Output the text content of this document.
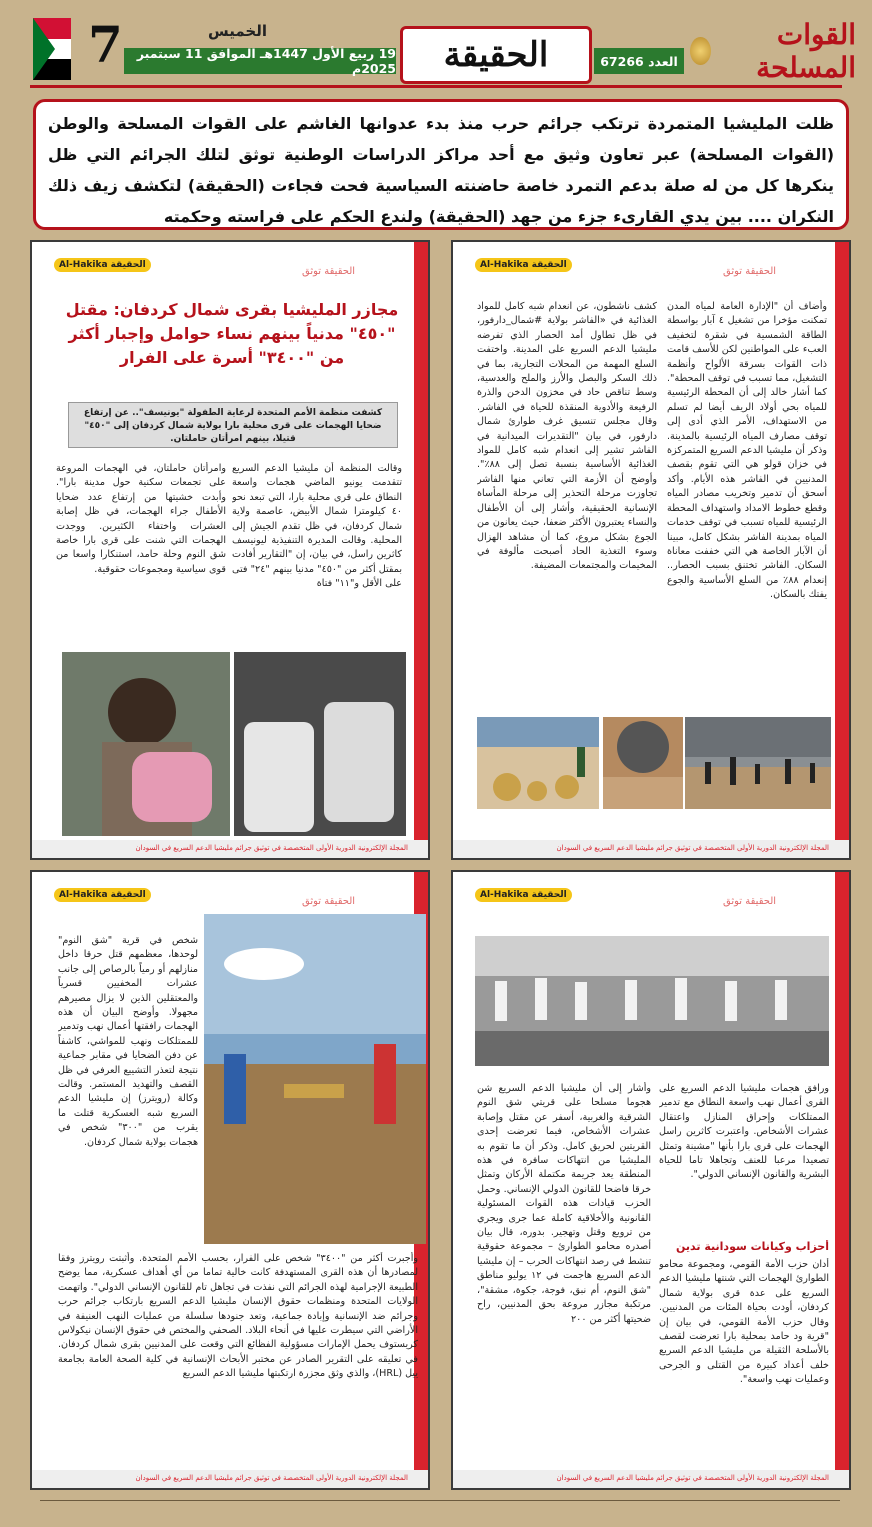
7	الخميس
19 ربيع الأول 1447هـ الموافق 11 سبتمبر 2025م	الحقيقة	العدد 67266
القوات المسلحة
ظلت المليشيا المتمردة ترتكب جرائم حرب منذ بدء عدوانها الغاشم على القوات المسلحة والوطن (القوات المسلحة) عبر تعاون وثيق مع أحد مراكز الدراسات الوطنية توثق لتلك الجرائم التي ظل ينكرها كل من له صلة بدعم التمرد خاصة حاضنته السياسية فحت فجاءت (الحقيقة) لتكشف زيف ذلك النكران .... بين يدي القارىء جزء من جهد (الحقيقة) ولندع الحكم على فراسته وحكمته
Al-Hakika الحقيقة
الحقيقة توثق
وأضاف أن "الإدارة العامة لمياه المدن تمكنت مؤخرا من تشغيل ٤ آبار بواسطة الطاقة الشمسية في شقرة لتخفيف العبء على المواطنين لكن للأسف قامت ذات القوات بسرقة الألواح وأنظمة التشغيل، مما تسبب في توقف المحطة". كما أشار خالد إلى أن المحطة الرئيسية للمياه بحي أولاد الريف أيضا لم تسلم من الاستهداف، الأمر الذي أدى إلى توقف مصارف المياه الرئيسية بالمدينة. وذكر أن مليشيا الدعم السريع المتمركزة في خزان قولو هي التي تقوم بقصف المدنيين في الفاشر هذه الأيام. وأكد أسحق أن تدمير وتخريب مصادر المياه وقطع خطوط الامداد واستهداف المحطة الرئيسية للمياه تسبب في توقف خدمات المياه بمدينة الفاشر بشكل كامل، مبينا أن الآبار الخاصة هي التي خففت معاناة السكان. الفاشر تختنق بسبب الحصار.. إنعدام ٨٨٪ من السلع الأساسية والجوع يفتك بالسكان.
كشف ناشطون، عن انعدام شبه كامل للمواد الغذائية في «الفاشر بولاية #شمال_دارفور، في ظل تطاول أمد الحصار الذي تفرضه مليشيا الدعم السريع على المدينة. واختفت السلع المهمة من المحلات التجارية، بما في ذلك السكر والبصل والأرز والملح والعدسية، وسط تناقص حاد في مخزون الدخن والذرة الرفيعة والأدوية المنقذة للحياة في الفاشر. وقال مجلس تنسيق غرف طوارئ شمال دارفور، في بيان "التقديرات الميدانية في الفاشر تشير إلى انعدام شبه كامل للمواد الغذائية الأساسية بنسبة تصل إلى ٨٨٪". وأوضح أن الأزمة التي تعاني منها الفاشر تجاوزت مرحلة التحذير إلى مرحلة المأساة الإنسانية الحقيقية، وأشار إلى أن الأطفال والنساء يعتبرون الأكثر ضعفا، حيث يعانون من الجوع بشكل مروع، كما أن مشاهد الهزال وسوء التغذية الحاد أصبحت مألوفة في المخيمات والمجتمعات المضيفة.
المجلة الإلكترونية الدورية الأولى المتخصصة في توثيق جرائم مليشيا الدعم السريع في السودان
Al-Hakika الحقيقة
الحقيقة توثق
مجازر المليشيا بقرى شمال كردفان: مقتل "٤٥٠" مدنياً بينهم نساء حوامل وإجبار أكثر من "٣٤٠٠" أسرة على الفرار
كشفت منظمة الأمم المتحدة لرعاية الطفولة "يونيسف".. عن إرتفاع ضحايا الهجمات على قرى محلية بارا بولاية شمال كردفان إلى "٤٥٠" قتيلا، بينهم امرأتان حاملتان.
وقالت المنظمة أن مليشيا الدعم السريع تتقدمت يونيو الماضي هجمات واسعة النطاق على قرى محلية بارا، التي تبعد نحو ٤٠ كيلومترا شمال الأبيض، عاصمة ولاية شمال كردفان، في ظل تقدم الجيش إلى المحلية. وقالت المديرة التنفيذية ليونيسف كاثرين راسل، في بيان، إن "التقارير أفادت بمقتل أكثر من "٤٥٠" مدنيا بينهم "٢٤" فتى على الأقل و"١١" فتاة
وامرأتان حاملتان، في الهجمات المروعة على تجمعات سكنية حول مدينة بارا". وأبدت خشيتها من إرتفاع عدد ضحايا الأطفال جراء الهجمات، في ظل إصابة العشرات واختفاء الكثيرين. ووجدت الهجمات التي شنت على قرى بارا خاصة شق النوم وحلة حامد، استنكارا واسعا من قوى سياسية ومجموعات حقوقية.
المجلة الإلكترونية الدورية الأولى المتخصصة في توثيق جرائم مليشيا الدعم السريع في السودان
Al-Hakika الحقيقة
الحقيقة توثق
ورافق هجمات مليشيا الدعم السريع على القرى أعمال نهب واسعة النطاق مع تدمير الممتلكات وإحراق المنازل واعتقال عشرات الأشخاص. واعتبرت كاثرين راسل الهجمات على قرى بارا بأنها "مشينة وتمثل تصعيدا مرعبا للعنف وتجاهلا تاما للحياة البشرية والقانون الإنساني الدولي".
أحزاب وكيانات سودانية تدين
أدان حزب الأمة القومي، ومجموعة محامو الطوارئ الهجمات التي شنتها مليشيا الدعم السريع على عدة قرى بولاية شمال كردفان، أودت بحياة المئات من المدنيين. وقال حزب الأمة القومي، في بيان إن "قرية ود حامد بمحلية بارا تعرضت لقصف بالأسلحة الثقيلة من مليشيا الدعم السريع خلف أعداد كبيرة من القتلى و الجرحى وعمليات نهب واسعة".
وأشار إلى أن مليشيا الدعم السريع شن هجوما مسلحا على قريتي شق النوم الشرقية والغربية، أسفر عن مقتل وإصابة عشرات الأشخاص، فيما تعرضت إحدى القريتين لحريق كامل. وذكر أن ما تقوم به المليشيا من انتهاكات سافرة في هذه المنطقة يعد جريمة مكتملة الأركان وتمثل خرقا فاضحا للقانون الدولي الإنساني. وحمل الحزب قيادات هذه القوات المسئولية القانونية والأخلاقية كاملة عما جرى ويجري من ترويع وقتل وتهجير. بدوره، قال بيان أصدره محامو الطوارئ – مجموعة حقوقية تنشط في رصد انتهاكات الحرب – إن مليشيا الدعم السريع هاجمت في ١٢ يوليو مناطق "شق النوم، أم نبق، فوجة، جكوة، مشقة"، مرتكبة مجازر مروعة بحق المدنيين، راح ضحيتها أكثر من ٢٠٠
المجلة الإلكترونية الدورية الأولى المتخصصة في توثيق جرائم مليشيا الدعم السريع في السودان
Al-Hakika الحقيقة
الحقيقة توثق
شخص في قرية "شق النوم" لوحدها، معظمهم قتل حرقا داخل منازلهم أو رمياً بالرصاص إلى جانب عشرات المخفيين قسرياً والمعتقلين الذين لا يزال مصيرهم مجهولا. وأوضح البيان أن هذه الهجمات رافقتها أعمال نهب وتدمير للممتلكات ونهب للمواشي، كاشفاً عن دفن الضحايا في مقابر جماعية نتيجة لتعذر التشييع العرفي في ظل القصف والتهديد المستمر. وقالت وكالة (رويترز) إن مليشيا الدعم السريع شبه العسكرية قتلت ما يقرب من "٣٠٠" شخص في هجمات بولاية شمال كردفان.
وأجبرت أكثر من "٣٤٠٠" شخص على الفرار، بحسب الأمم المتحدة. وأثبتت رويترز وفقا لمصادرها أن هذه القرى المستهدفة كانت خالية تماما من أي أهداف عسكرية، مما يوضح الطبيعة الإجرامية لهذه الجرائم التي نفذت في تجاهل تام للقانون الإنساني الدولي". واتهمت الولايات المتحدة ومنظمات حقوق الإنسان مليشيا الدعم السريع بارتكاب جرائم حرب وجرائم ضد الإنسانية وإبادة جماعية، وتعد جنودها سلسلة من عمليات النهب العنيفة في الأراضي التي سيطرت عليها في أنحاء البلاد. الصحفي والمختص في حقوق الإنسان نيكولاس كريستوف يحمل الإمارات مسؤولية الفظائع التي وقعت على المدنيين بقرى شمال كردفان. في تعليقه على التقرير الصادر عن مختبر الأبحاث الإنسانية في كلية الصحة العامة بجامعة ييل (HRL)، والذي وثق مجزرة ارتكبتها مليشيا الدعم السريع
المجلة الإلكترونية الدورية الأولى المتخصصة في توثيق جرائم مليشيا الدعم السريع في السودان
